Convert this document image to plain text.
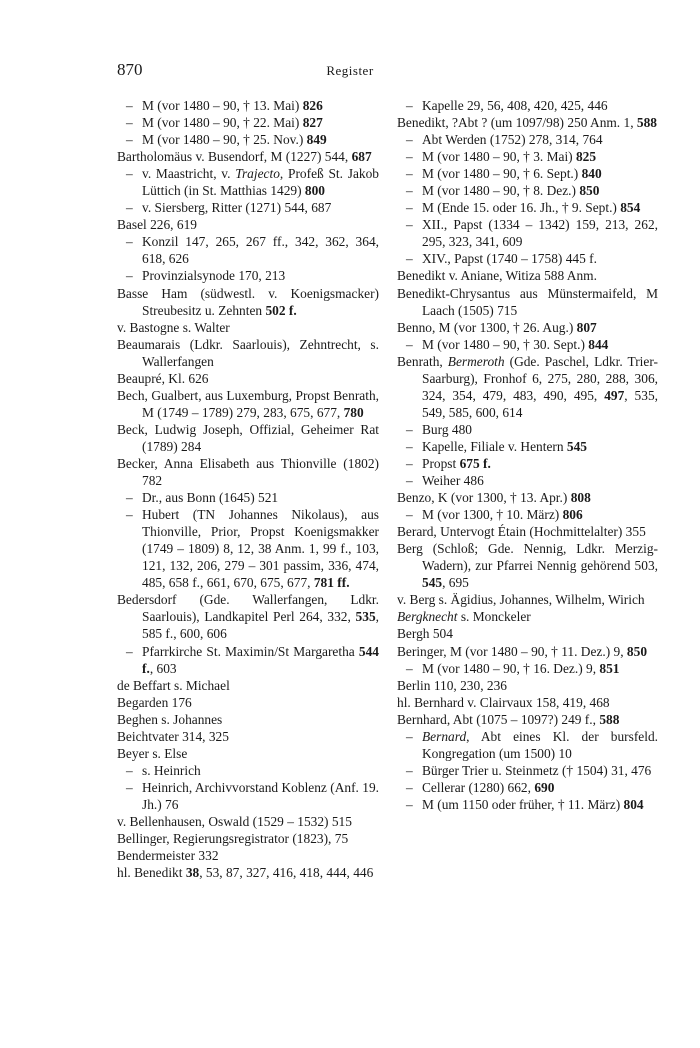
870	Register
– M (vor 1480 – 90, † 13. Mai) 826
– M (vor 1480 – 90, † 22. Mai) 827
– M (vor 1480 – 90, † 25. Nov.) 849
Bartholomäus v. Busendorf, M (1227) 544, 687
– v. Maastricht, v. Trajecto, Profeß St. Jakob Lüttich (in St. Matthias 1429) 800
– v. Siersberg, Ritter (1271) 544, 687
Basel 226, 619
– Konzil 147, 265, 267 ff., 342, 362, 364, 618, 626
– Provinzialsynode 170, 213
Basse Ham (südwestl. v. Koenigsmacker) Streubesitz u. Zehnten 502 f.
v. Bastogne s. Walter
Beaumarais (Ldkr. Saarlouis), Zehntrecht, s. Wallerfangen
Beaupré, Kl. 626
Bech, Gualbert, aus Luxemburg, Propst Benrath, M (1749 – 1789) 279, 283, 675, 677, 780
Beck, Ludwig Joseph, Offizial, Geheimer Rat (1789) 284
Becker, Anna Elisabeth aus Thionville (1802) 782
– Dr., aus Bonn (1645) 521
– Hubert (TN Johannes Nikolaus), aus Thionville, Prior, Propst Koenigsmakker (1749 – 1809) 8, 12, 38 Anm. 1, 99 f., 103, 121, 132, 206, 279 – 301 passim, 336, 474, 485, 658 f., 661, 670, 675, 677, 781 ff.
Bedersdorf (Gde. Wallerfangen, Ldkr. Saarlouis), Landkapitel Perl 264, 332, 535, 585 f., 600, 606
– Pfarrkirche St. Maximin/St Margaretha 544 f., 603
de Beffart s. Michael
Begarden 176
Beghen s. Johannes
Beichtvater 314, 325
Beyer s. Else
– s. Heinrich
– Heinrich, Archivvorstand Koblenz (Anf. 19. Jh.) 76
v. Bellenhausen, Oswald (1529 – 1532) 515
Bellinger, Regierungsregistrator (1823), 75
Bendermeister 332
hl. Benedikt 38, 53, 87, 327, 416, 418, 444, 446
– Kapelle 29, 56, 408, 420, 425, 446
Benedikt, ?Abt ? (um 1097/98) 250 Anm. 1, 588
– Abt Werden (1752) 278, 314, 764
– M (vor 1480 – 90, † 3. Mai) 825
– M (vor 1480 – 90, † 6. Sept.) 840
– M (vor 1480 – 90, † 8. Dez.) 850
– M (Ende 15. oder 16. Jh., † 9. Sept.) 854
– XII., Papst (1334 – 1342) 159, 213, 262, 295, 323, 341, 609
– XIV., Papst (1740 – 1758) 445 f.
Benedikt v. Aniane, Witiza 588 Anm.
Benedikt-Chrysantus aus Münstermaifeld, M Laach (1505) 715
Benno, M (vor 1300, † 26. Aug.) 807
– M (vor 1480 – 90, † 30. Sept.) 844
Benrath, Bermeroth (Gde. Paschel, Ldkr. Trier-Saarburg), Fronhof 6, 275, 280, 288, 306, 324, 354, 479, 483, 490, 495, 497, 535, 549, 585, 600, 614
– Burg 480
– Kapelle, Filiale v. Hentern 545
– Propst 675 f.
– Weiher 486
Benzo, K (vor 1300, † 13. Apr.) 808
– M (vor 1300, † 10. März) 806
Berard, Untervogt Étain (Hochmittelalter) 355
Berg (Schloß; Gde. Nennig, Ldkr. Merzig-Wadern), zur Pfarrei Nennig gehörend 503, 545, 695
v. Berg s. Ägidius, Johannes, Wilhelm, Wirich
Bergknecht s. Monckeler
Bergh 504
Beringer, M (vor 1480 – 90, † 11. Dez.) 9, 850
– M (vor 1480 – 90, † 16. Dez.) 9, 851
Berlin 110, 230, 236
hl. Bernhard v. Clairvaux 158, 419, 468
Bernhard, Abt (1075 – 1097?) 249 f., 588
– Bernard, Abt eines Kl. der bursfeld. Kongregation (um 1500) 10
– Bürger Trier u. Steinmetz († 1504) 31, 476
– Cellerar (1280) 662, 690
– M (um 1150 oder früher, † 11. März) 804
